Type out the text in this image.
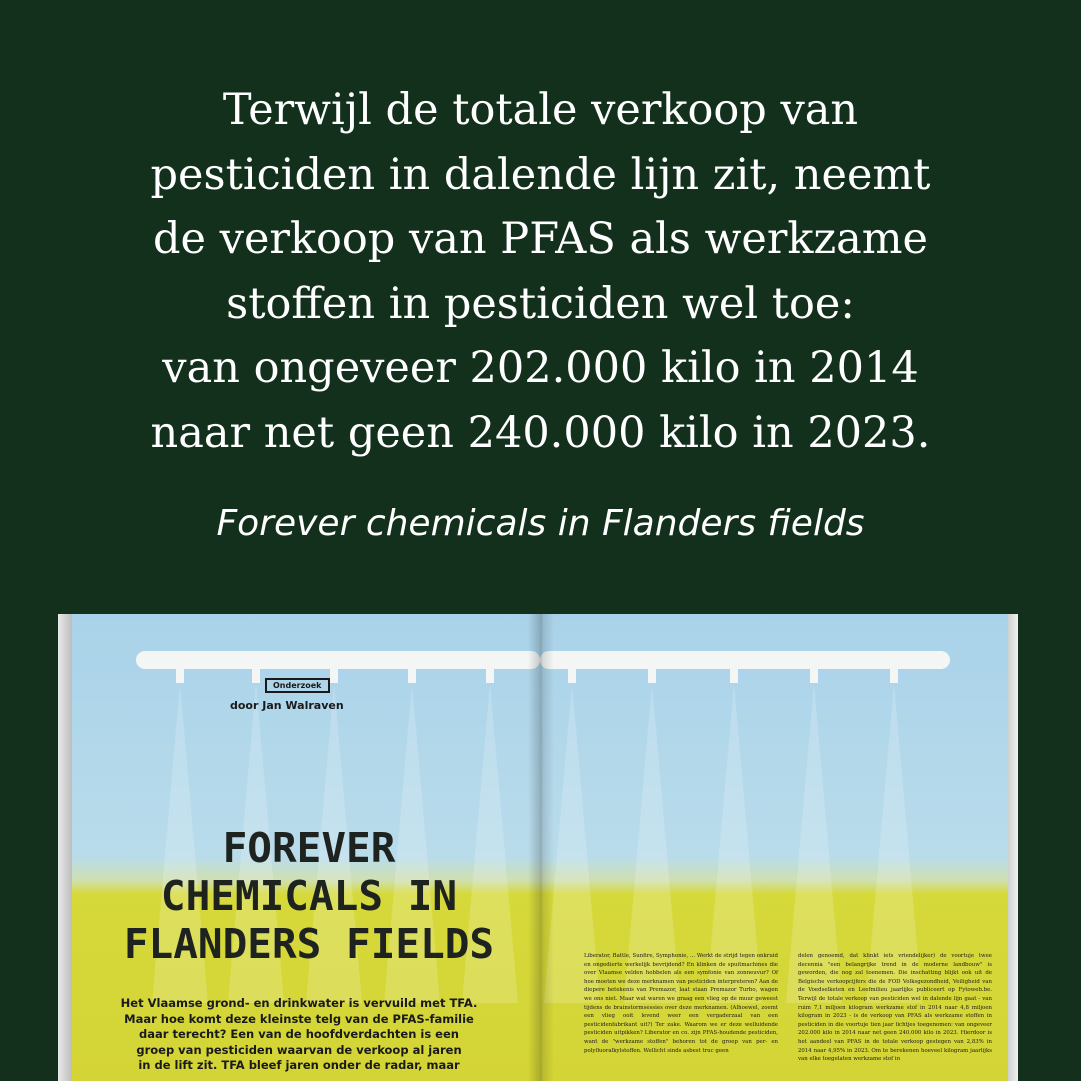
Terwijl de totale verkoop van
pesticiden in dalende lijn zit, neemt
de verkoop van PFAS als werkzame
stoffen in pesticiden wel toe:
van ongeveer 202.000 kilo in 2014
naar net geen 240.000 kilo in 2023.
Forever chemicals in Flanders fields
Onderzoek
door Jan Walraven
FOREVER
CHEMICALS IN
FLANDERS FIELDS
Het Vlaamse grond- en drinkwater is vervuild met TFA.
Maar hoe komt deze kleinste telg van de PFAS-familie
daar terecht? Een van de hoofdverdachten is een
groep van pesticiden waarvan de verkoop al jaren
in de lift zit. TFA bleef jaren onder de radar, maar
Liberator, Battle, Sunfire, Symphonie, ... Werkt de strijd tegen onkruid en ongedierte werkelijk bevrijdend? En klinken de spuitmachines die over Vlaamse velden hobbelen als een symfonie van zonneuvur? Of hoe moeten we deze merknamen van pesticiden interpreteren? Aan de diepere betekenis van Premazor, laat staan Premazor Turbo, wagen we ons niet. Maar wat waren we graag een vlieg op de muur geweest tijdens de brainstormsessies over deze merknamen. (Alhoewel, zoemt een vlieg ooit levend weer een vergaderzaal van een pesticidenfabrikant uit?) Ter zake. Waarom we er deze welluidende pesticiden uitpikken? Liberator en co. zijn PFAS-houdende pesticiden, want de "werkzame stoffen" behoren tot de groep van per- en polyfluoralkylstoffen. Wellicht sinds asbest truc geen
delen genoemd, dat klinkt iets vriendelijker) de voortuje twee decennia "een belangrijke trend in de moderne landbouw" is geworden, die nog zal toenemen. Die inschatting blijkt ook uit de Belgische verkoopcijfers die de FOD Volksgezondheid, Veiligheid van de Voedselketen en Leefmilieu jaarlijks publiceert op Fytoweb.be. Terwijl de totale verkoop van pesticiden wel in dalende lijn gaat - van ruim 7,1 miljoen kilogram werkzame stof in 2014 naar 4,8 miljoen kilogram in 2023 - is de verkoop van PFAS als werkzame stoffen in pesticiden in die voortuje tien jaar lichtjes toegenomen: van ongeveer 202.000 kilo in 2014 naar net geen 240.000 kilo in 2023. Hierdoor is het aandeel van PFAS in de totale verkoop gestegen van 2,83% in 2014 naar 4,95% in 2023. Om te berekenen hoeveel kilogram jaarlijks van elke toegelaten werkzame stof in
